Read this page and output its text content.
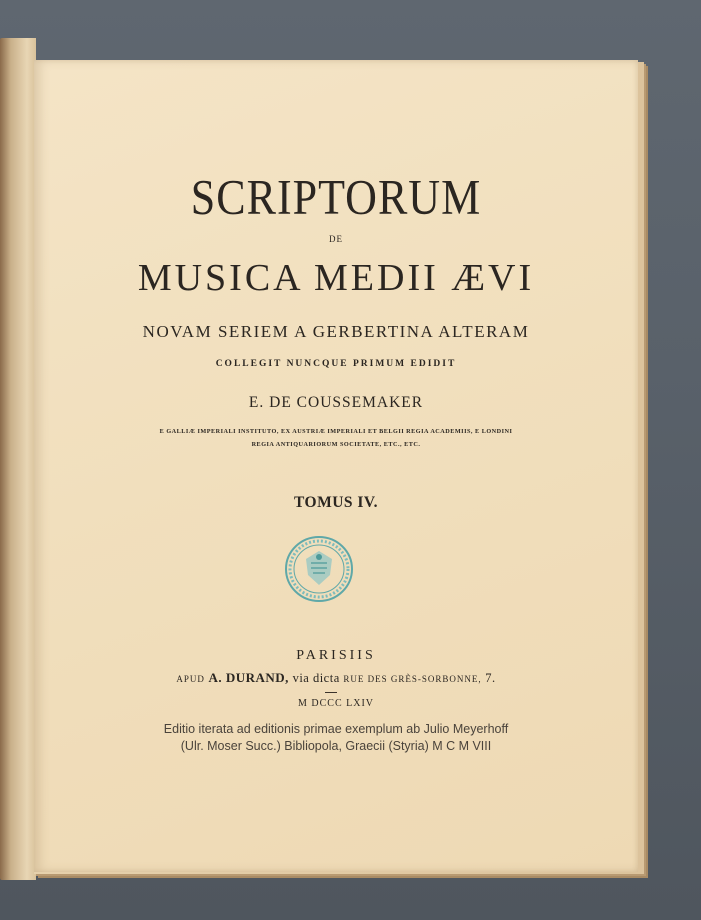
SCRIPTORUM
DE
MUSICA MEDII ÆVI
NOVAM SERIEM A GERBERTINA ALTERAM
COLLEGIT NUNCQUE PRIMUM EDIDIT
E. DE COUSSEMAKER
E GALLIÆ IMPERIALI INSTITUTO, EX AUSTRIÆ IMPERIALI ET BELGII REGIA ACADEMIIS, E LONDINI
REGIA ANTIQUARIORUM SOCIETATE, ETC., ETC.
TOMUS IV.
PARISIIS
APUD A. DURAND, via dicta RUE DES GRÈS-SORBONNE, 7.
M DCCC LXIV
Editio iterata ad editionis primae exemplum ab Julio Meyerhoff
(Ulr. Moser Succ.) Bibliopola, Graecii (Styria) M C M VIII
